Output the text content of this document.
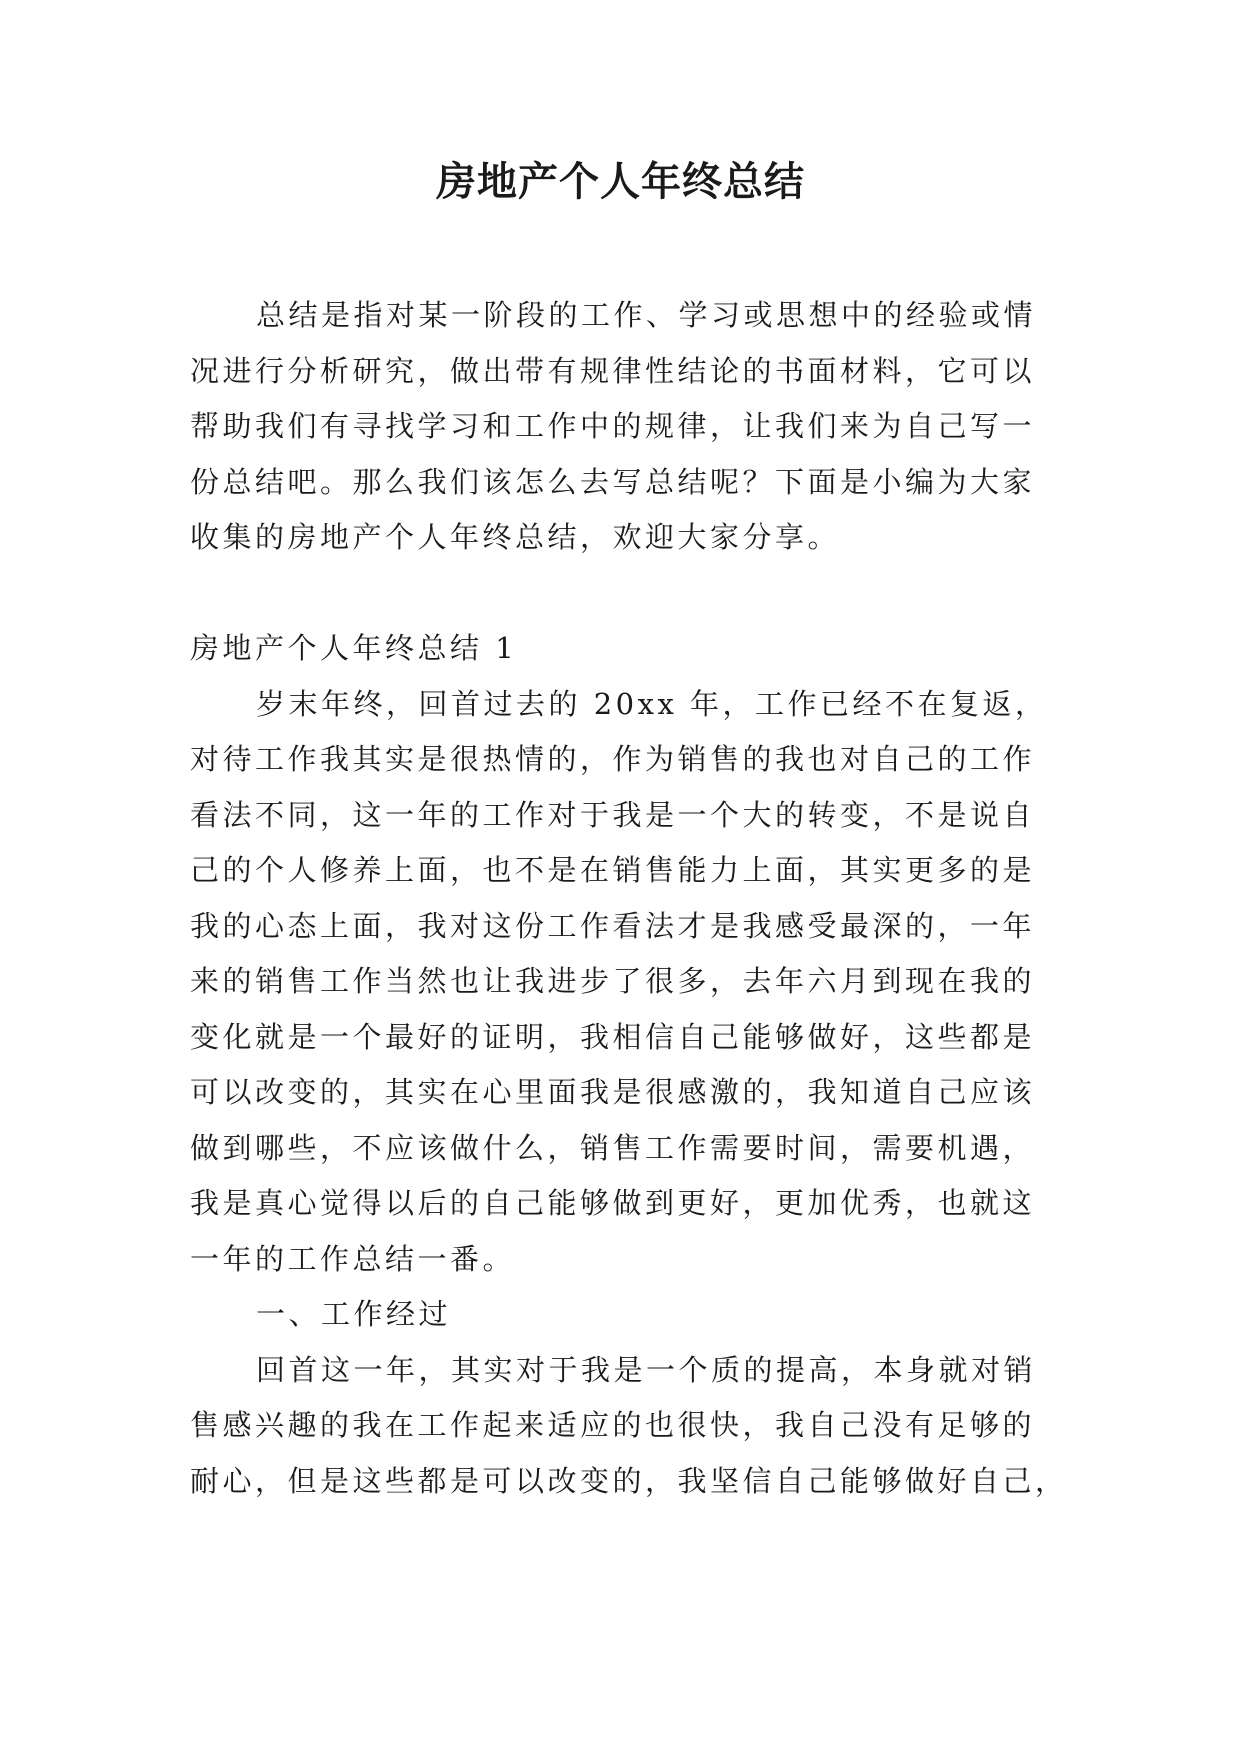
房地产个人年终总结
总结是指对某一阶段的工作、学习或思想中的经验或情
况进行分析研究，做出带有规律性结论的书面材料，它可以
帮助我们有寻找学习和工作中的规律，让我们来为自己写一
份总结吧。那么我们该怎么去写总结呢？下面是小编为大家
收集的房地产个人年终总结，欢迎大家分享。
房地产个人年终总结 1
岁末年终，回首过去的 20xx 年，工作已经不在复返，
对待工作我其实是很热情的，作为销售的我也对自己的工作
看法不同，这一年的工作对于我是一个大的转变，不是说自
己的个人修养上面，也不是在销售能力上面，其实更多的是
我的心态上面，我对这份工作看法才是我感受最深的，一年
来的销售工作当然也让我进步了很多，去年六月到现在我的
变化就是一个最好的证明，我相信自己能够做好，这些都是
可以改变的，其实在心里面我是很感激的，我知道自己应该
做到哪些，不应该做什么，销售工作需要时间，需要机遇，
我是真心觉得以后的自己能够做到更好，更加优秀，也就这
一年的工作总结一番。
一、工作经过
回首这一年，其实对于我是一个质的提高，本身就对销
售感兴趣的我在工作起来适应的也很快，我自己没有足够的
耐心，但是这些都是可以改变的，我坚信自己能够做好自己，
